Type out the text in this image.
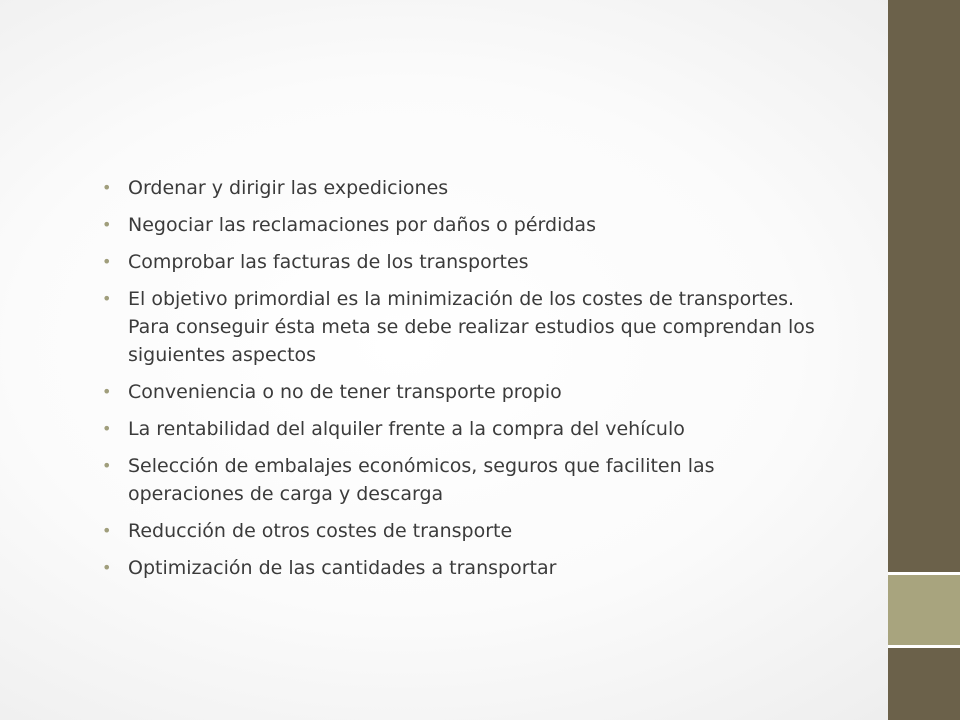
• Ordenar y dirigir las expediciones
• Negociar las reclamaciones por daños o pérdidas
• Comprobar las facturas de los transportes
• El objetivo primordial es la minimización de los costes de transportes. Para conseguir ésta meta se debe realizar estudios que comprendan los siguientes aspectos
• Conveniencia o no de tener transporte propio
• La rentabilidad del alquiler frente a la compra del vehículo
• Selección de embalajes económicos, seguros que faciliten las operaciones de carga y descarga
• Reducción de otros costes de transporte
• Optimización de las cantidades a transportar
